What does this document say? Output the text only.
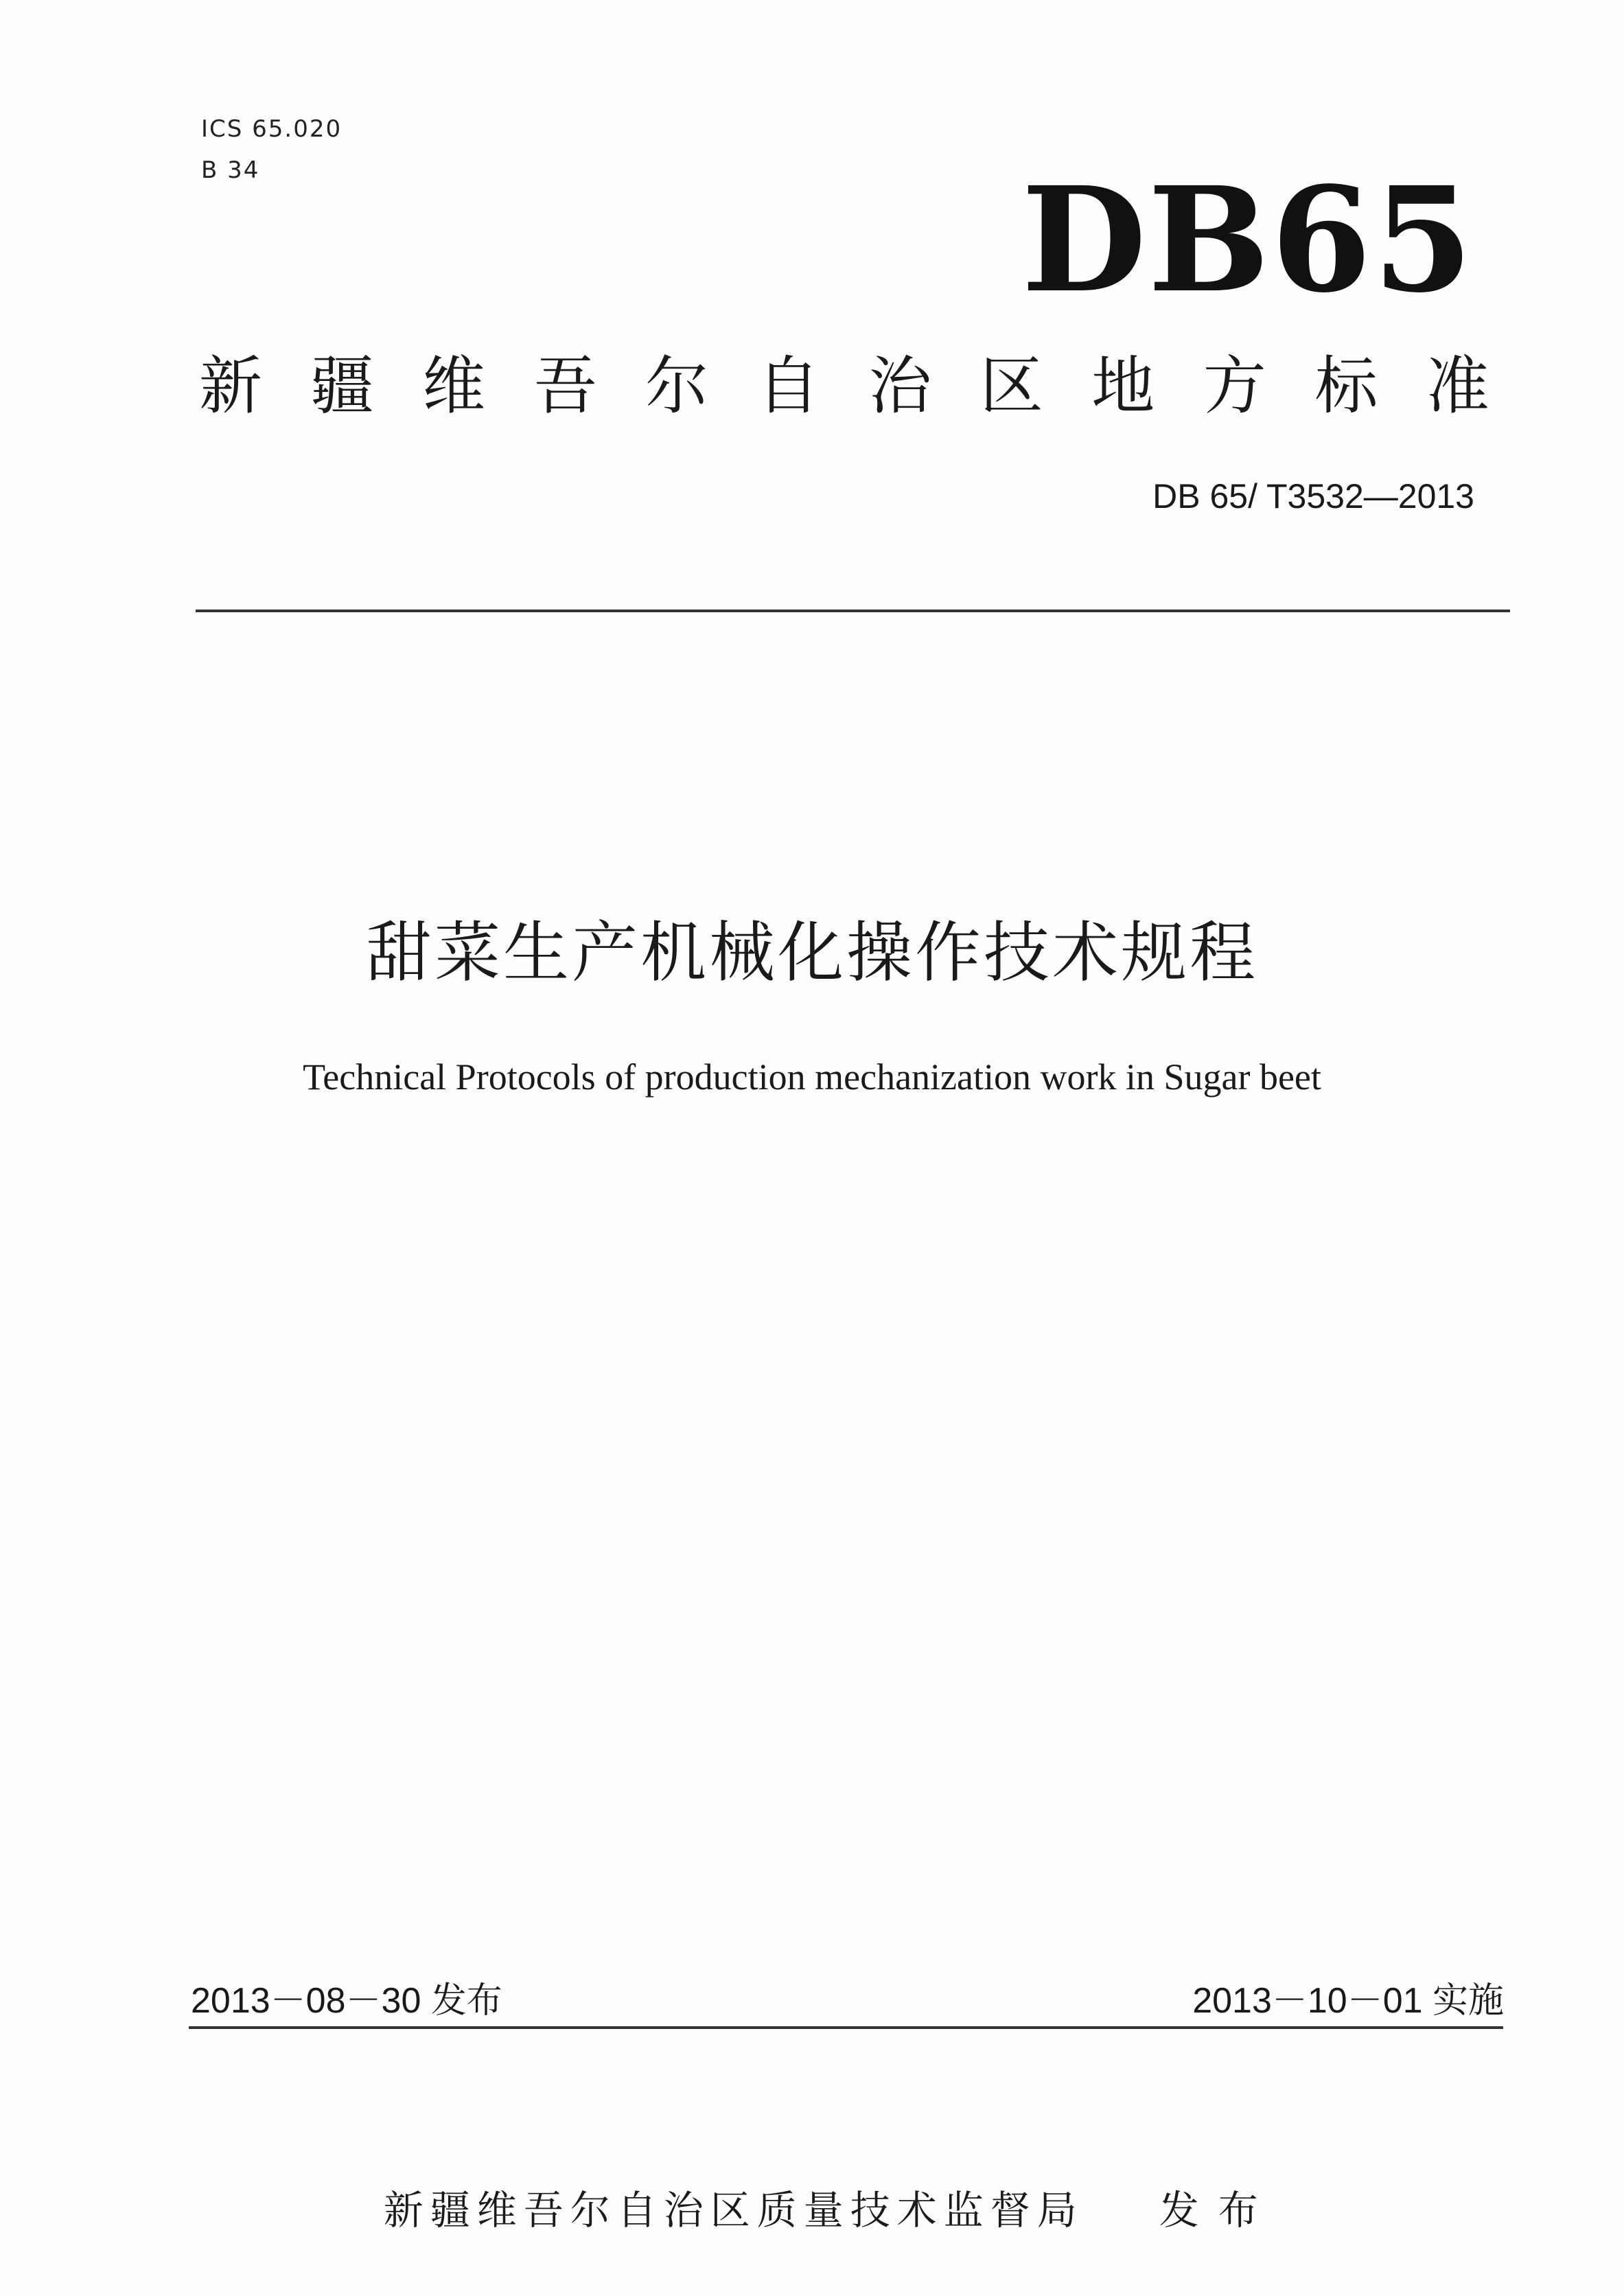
ICS 65.020
B 34	DB65
新 疆 维 吾 尔 自 治 区 地 方 标 准
DB 65/ T3532—2013
甜菜生产机械化操作技术规程
Technical Protocols of production mechanization work in Sugar beet
2013－08－30 发布	2013－10－01 实施

新疆维吾尔自治区质量技术监督局 发布
